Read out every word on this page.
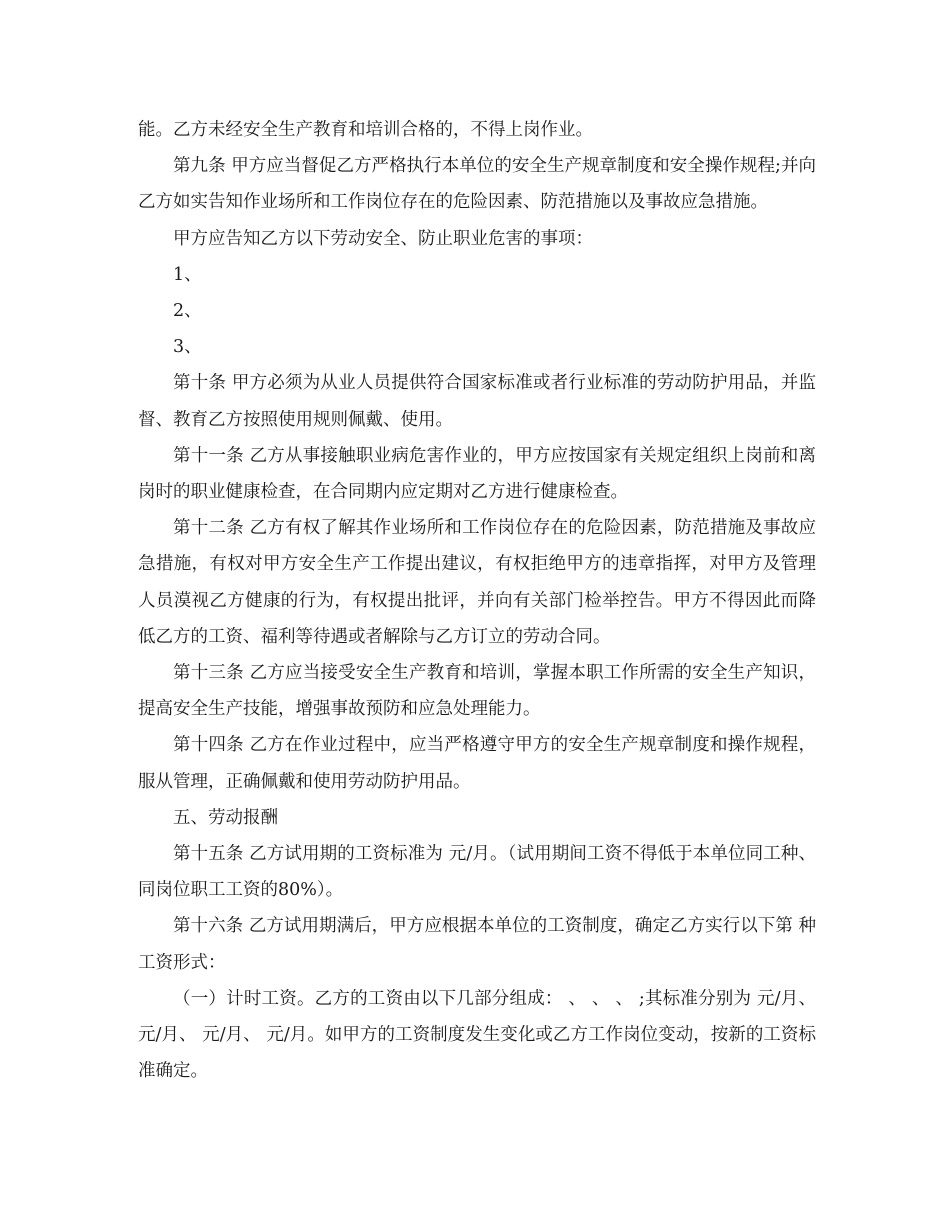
能。乙方未经安全生产教育和培训合格的，不得上岗作业。

第九条 甲方应当督促乙方严格执行本单位的安全生产规章制度和安全操作规程;并向乙方如实告知作业场所和工作岗位存在的危险因素、防范措施以及事故应急措施。

甲方应告知乙方以下劳动安全、防止职业危害的事项：

1、

2、

3、

第十条 甲方必须为从业人员提供符合国家标准或者行业标准的劳动防护用品，并监督、教育乙方按照使用规则佩戴、使用。

第十一条 乙方从事接触职业病危害作业的，甲方应按国家有关规定组织上岗前和离岗时的职业健康检查，在合同期内应定期对乙方进行健康检查。

第十二条 乙方有权了解其作业场所和工作岗位存在的危险因素，防范措施及事故应急措施，有权对甲方安全生产工作提出建议，有权拒绝甲方的违章指挥，对甲方及管理人员漠视乙方健康的行为，有权提出批评，并向有关部门检举控告。甲方不得因此而降低乙方的工资、福利等待遇或者解除与乙方订立的劳动合同。

第十三条 乙方应当接受安全生产教育和培训，掌握本职工作所需的安全生产知识，提高安全生产技能，增强事故预防和应急处理能力。

第十四条 乙方在作业过程中，应当严格遵守甲方的安全生产规章制度和操作规程，服从管理，正确佩戴和使用劳动防护用品。

五、劳动报酬

第十五条 乙方试用期的工资标准为 元/月。（试用期间工资不得低于本单位同工种、同岗位职工工资的80%）。

第十六条 乙方试用期满后，甲方应根据本单位的工资制度，确定乙方实行以下第 种工资形式：

（一）计时工资。乙方的工资由以下几部分组成： 、 、 、 ;其标准分别为 元/月、 元/月、 元/月、 元/月。如甲方的工资制度发生变化或乙方工作岗位变动，按新的工资标准确定。
